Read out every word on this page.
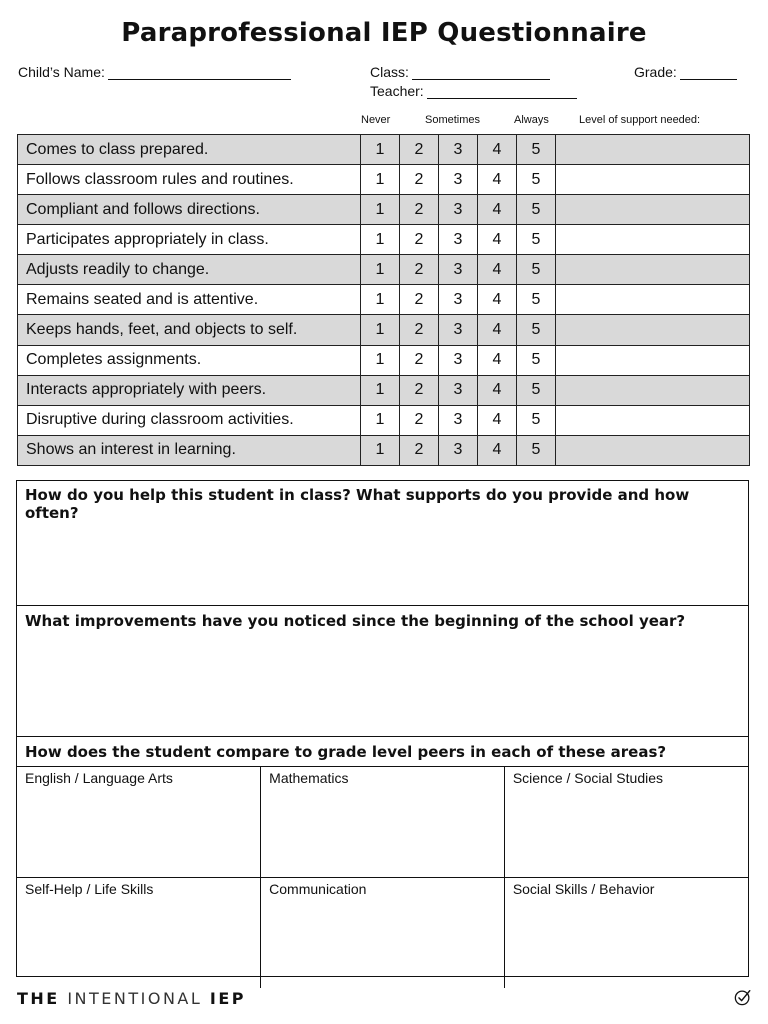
Paraprofessional IEP Questionnaire
Child’s Name:	Class:	Grade:
Teacher:
Never	Sometimes	Always	Level of support needed:
Comes to class prepared.	1	2	3	4	5	
Follows classroom rules and routines.	1	2	3	4	5	
Compliant and follows directions.	1	2	3	4	5	
Participates appropriately in class.	1	2	3	4	5	
Adjusts readily to change.	1	2	3	4	5	
Remains seated and is attentive.	1	2	3	4	5	
Keeps hands, feet, and objects to self.	1	2	3	4	5	
Completes assignments.	1	2	3	4	5	
Interacts appropriately with peers.	1	2	3	4	5	
Disruptive during classroom activities.	1	2	3	4	5	
Shows an interest in learning.	1	2	3	4	5	
How do you help this student in class? What supports do you provide and how often?
What improvements have you noticed since the beginning of the school year?
How does the student compare to grade level peers in each of these areas?
English / Language Arts	Mathematics	Science / Social Studies
Self-Help / Life Skills	Communication	Social Skills / Behavior
THE INTENTIONAL IEP
